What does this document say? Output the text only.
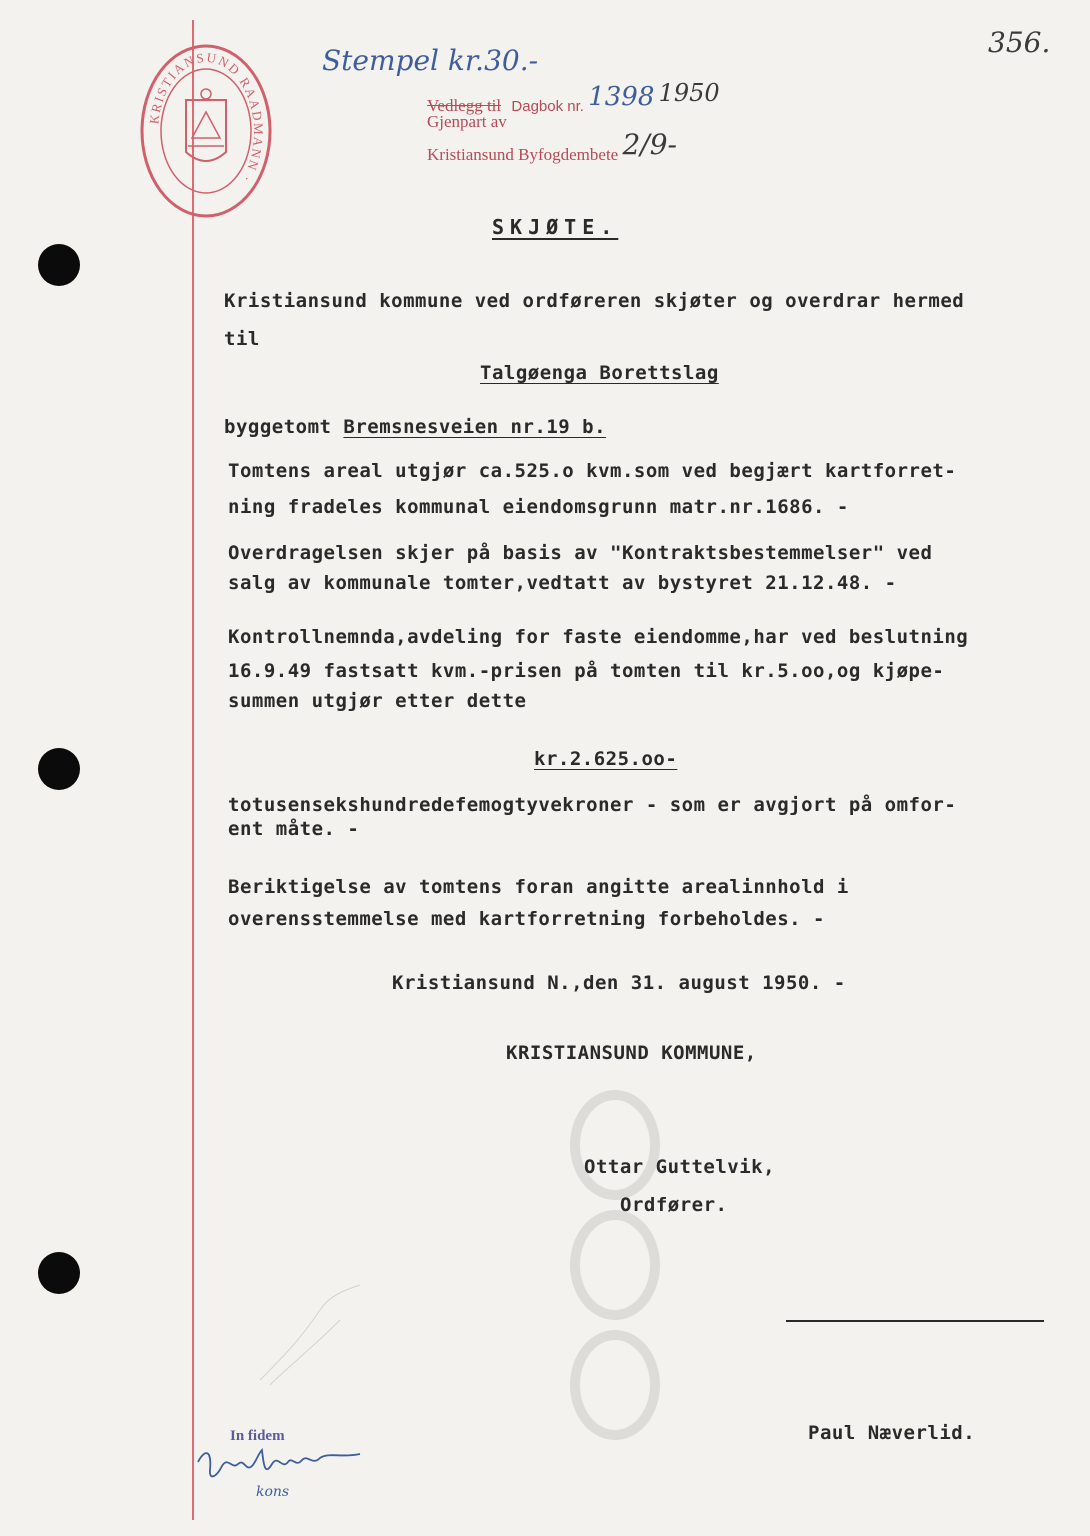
KRISTIANSUND RAADMANN ·
Stempel kr.30.-
356.
Vedlegg til Dagbok nr. 1398 1950
Gjenpart av
Kristiansund Byfogdembete 2/9-
SKJØTE.
Kristiansund kommune ved ordføreren skjøter og overdrar hermed
til
Talgøenga Borettslag
byggetomt Bremsnesveien nr.19 b.
Tomtens areal utgjør ca.525.o kvm.som ved begjært kartforret-
ning fradeles kommunal eiendomsgrunn matr.nr.1686. -
Overdragelsen skjer på basis av "Kontraktsbestemmelser" ved
salg av kommunale tomter,vedtatt av bystyret 21.12.48. -
Kontrollnemnda,avdeling for faste eiendomme,har ved beslutning
16.9.49 fastsatt kvm.-prisen på tomten til kr.5.oo,og kjøpe-
summen utgjør etter dette
kr.2.625.oo-
totusensekshundredefemogtyvekroner - som er avgjort på omfor-
ent måte. -
Beriktigelse av tomtens foran angitte arealinnhold i
overensstemmelse med kartforretning forbeholdes. -
Kristiansund N.,den 31. august 1950. -
KRISTIANSUND KOMMUNE,
Ottar Guttelvik,
Ordfører.
Paul Næverlid.
In fidem
kons
